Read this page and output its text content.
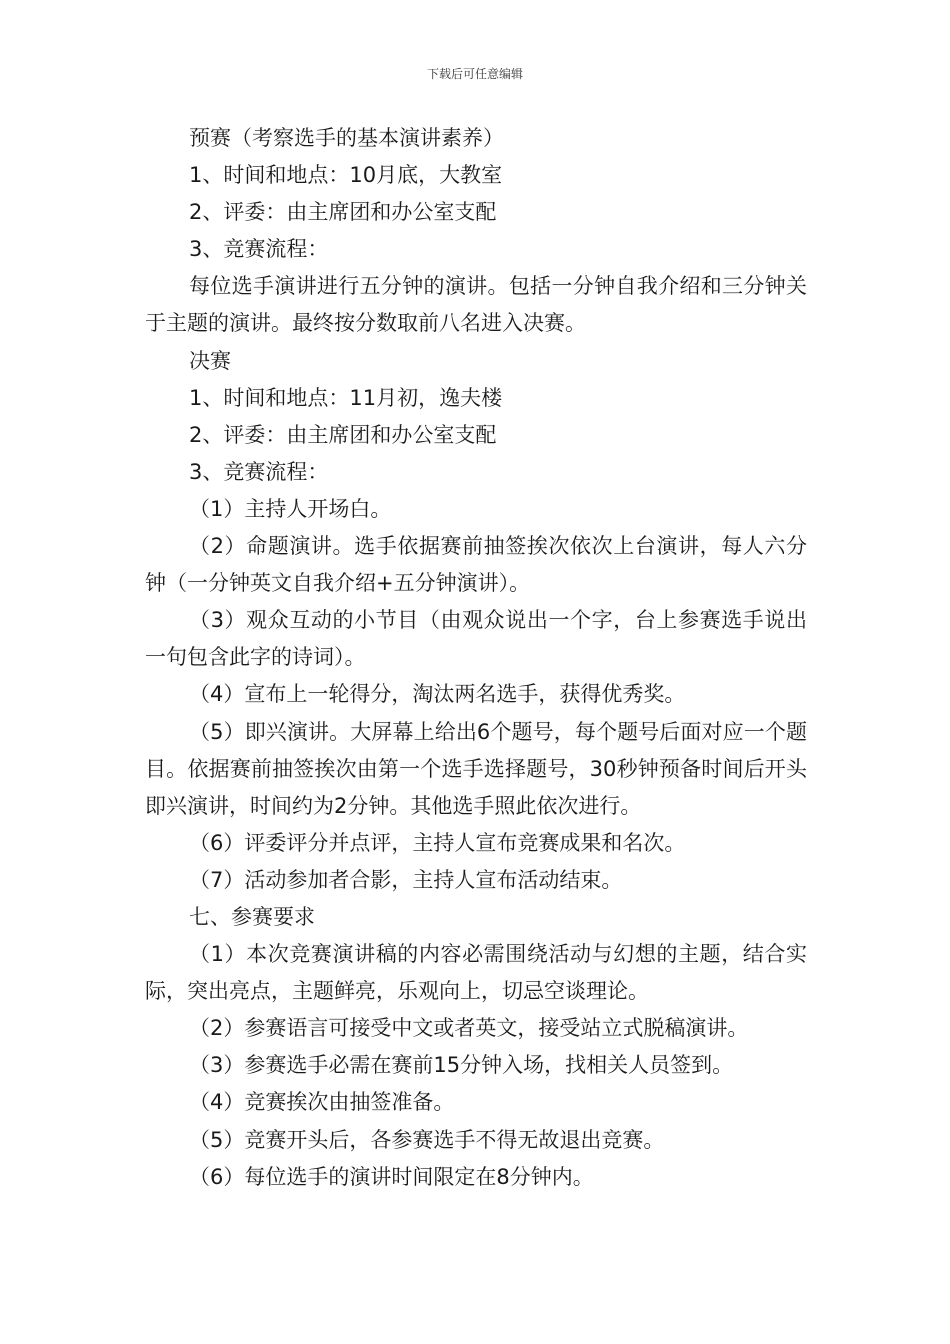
下载后可任意编辑

预赛（考察选手的基本演讲素养）

1、时间和地点：10月底，大教室

2、评委：由主席团和办公室支配

3、竞赛流程：

每位选手演讲进行五分钟的演讲。包括一分钟自我介绍和三分钟关于主题的演讲。最终按分数取前八名进入决赛。

决赛

1、时间和地点：11月初，逸夫楼

2、评委：由主席团和办公室支配

3、竞赛流程：

（1）主持人开场白。

（2）命题演讲。选手依据赛前抽签挨次依次上台演讲，每人六分钟（一分钟英文自我介绍+五分钟演讲）。

（3）观众互动的小节目（由观众说出一个字，台上参赛选手说出一句包含此字的诗词）。

（4）宣布上一轮得分，淘汰两名选手，获得优秀奖。

（5）即兴演讲。大屏幕上给出6个题号，每个题号后面对应一个题目。依据赛前抽签挨次由第一个选手选择题号，30秒钟预备时间后开头即兴演讲，时间约为2分钟。其他选手照此依次进行。

（6）评委评分并点评，主持人宣布竞赛成果和名次。

（7）活动参加者合影，主持人宣布活动结束。

七、参赛要求

（1）本次竞赛演讲稿的内容必需围绕活动与幻想的主题，结合实际，突出亮点，主题鲜亮，乐观向上，切忌空谈理论。

（2）参赛语言可接受中文或者英文，接受站立式脱稿演讲。

（3）参赛选手必需在赛前15分钟入场，找相关人员签到。

（4）竞赛挨次由抽签准备。

（5）竞赛开头后，各参赛选手不得无故退出竞赛。

（6）每位选手的演讲时间限定在8分钟内。
